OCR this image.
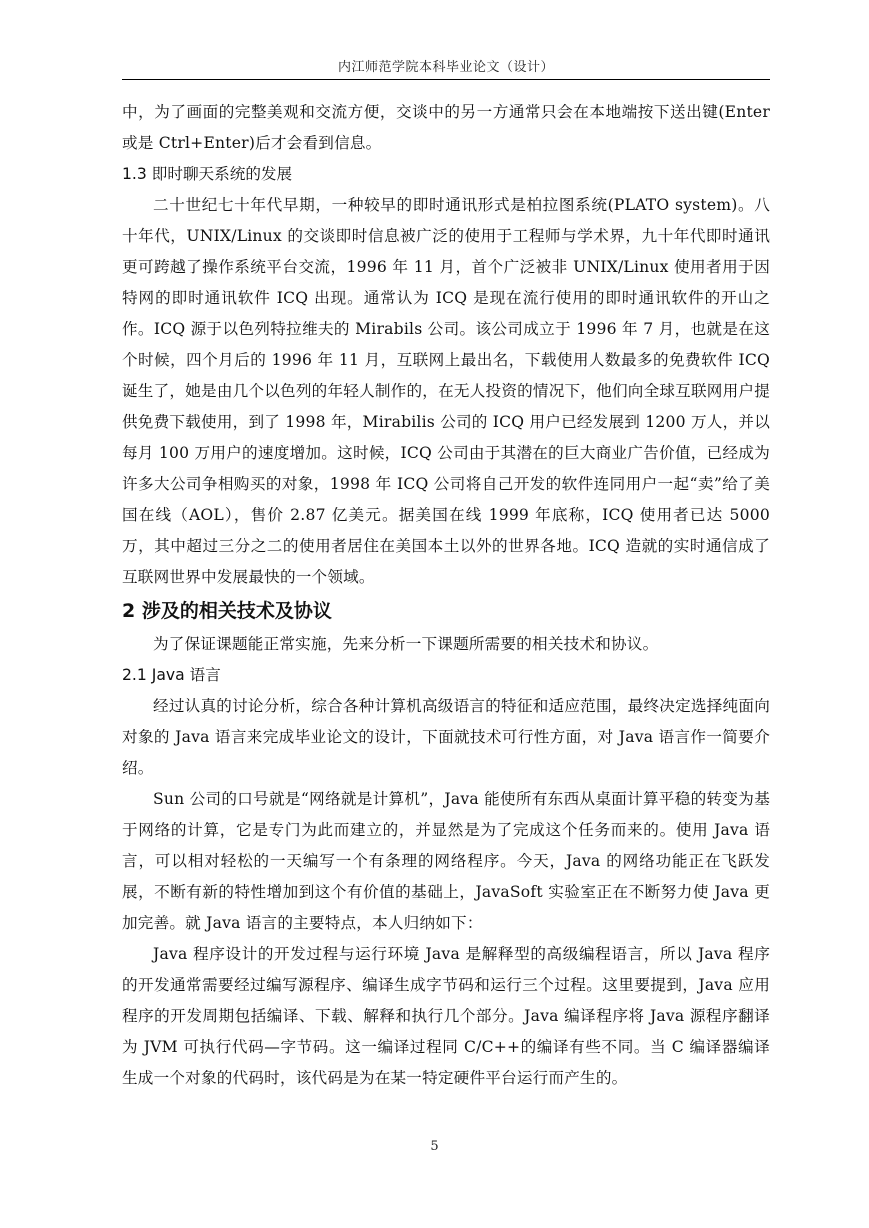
内江师范学院本科毕业论文（设计）

中，为了画面的完整美观和交流方便，交谈中的另一方通常只会在本地端按下送出键(Enter 或是 Ctrl+Enter)后才会看到信息。

1.3 即时聊天系统的发展

二十世纪七十年代早期，一种较早的即时通讯形式是柏拉图系统(PLATO system)。八十年代，UNIX/Linux 的交谈即时信息被广泛的使用于工程师与学术界，九十年代即时通讯更可跨越了操作系统平台交流，1996 年 11 月，首个广泛被非 UNIX/Linux 使用者用于因特网的即时通讯软件 ICQ 出现。通常认为 ICQ 是现在流行使用的即时通讯软件的开山之作。ICQ 源于以色列特拉维夫的 Mirabils 公司。该公司成立于 1996 年 7 月，也就是在这个时候，四个月后的 1996 年 11 月，互联网上最出名，下载使用人数最多的免费软件 ICQ 诞生了，她是由几个以色列的年轻人制作的，在无人投资的情况下，他们向全球互联网用户提供免费下载使用，到了 1998 年，Mirabilis 公司的 ICQ 用户已经发展到 1200 万人，并以每月 100 万用户的速度增加。这时候，ICQ 公司由于其潜在的巨大商业广告价值，已经成为许多大公司争相购买的对象，1998 年 ICQ 公司将自己开发的软件连同用户一起“卖”给了美国在线（AOL），售价 2.87 亿美元。据美国在线 1999 年底称，ICQ 使用者已达 5000 万，其中超过三分之二的使用者居住在美国本土以外的世界各地。ICQ 造就的实时通信成了互联网世界中发展最快的一个领域。

2 涉及的相关技术及协议

为了保证课题能正常实施，先来分析一下课题所需要的相关技术和协议。

2.1 Java 语言

经过认真的讨论分析，综合各种计算机高级语言的特征和适应范围，最终决定选择纯面向对象的 Java 语言来完成毕业论文的设计，下面就技术可行性方面，对 Java 语言作一简要介绍。

Sun 公司的口号就是“网络就是计算机”，Java 能使所有东西从桌面计算平稳的转变为基于网络的计算，它是专门为此而建立的，并显然是为了完成这个任务而来的。使用 Java 语言，可以相对轻松的一天编写一个有条理的网络程序。今天，Java 的网络功能正在飞跃发展，不断有新的特性增加到这个有价值的基础上，JavaSoft 实验室正在不断努力使 Java 更加完善。就 Java 语言的主要特点，本人归纳如下：

Java 程序设计的开发过程与运行环境 Java 是解释型的高级编程语言，所以 Java 程序的开发通常需要经过编写源程序、编译生成字节码和运行三个过程。这里要提到，Java 应用程序的开发周期包括编译、下载、解释和执行几个部分。Java 编译程序将 Java 源程序翻译为 JVM 可执行代码—字节码。这一编译过程同 C/C++的编译有些不同。当 C 编译器编译生成一个对象的代码时，该代码是为在某一特定硬件平台运行而产生的。

5
